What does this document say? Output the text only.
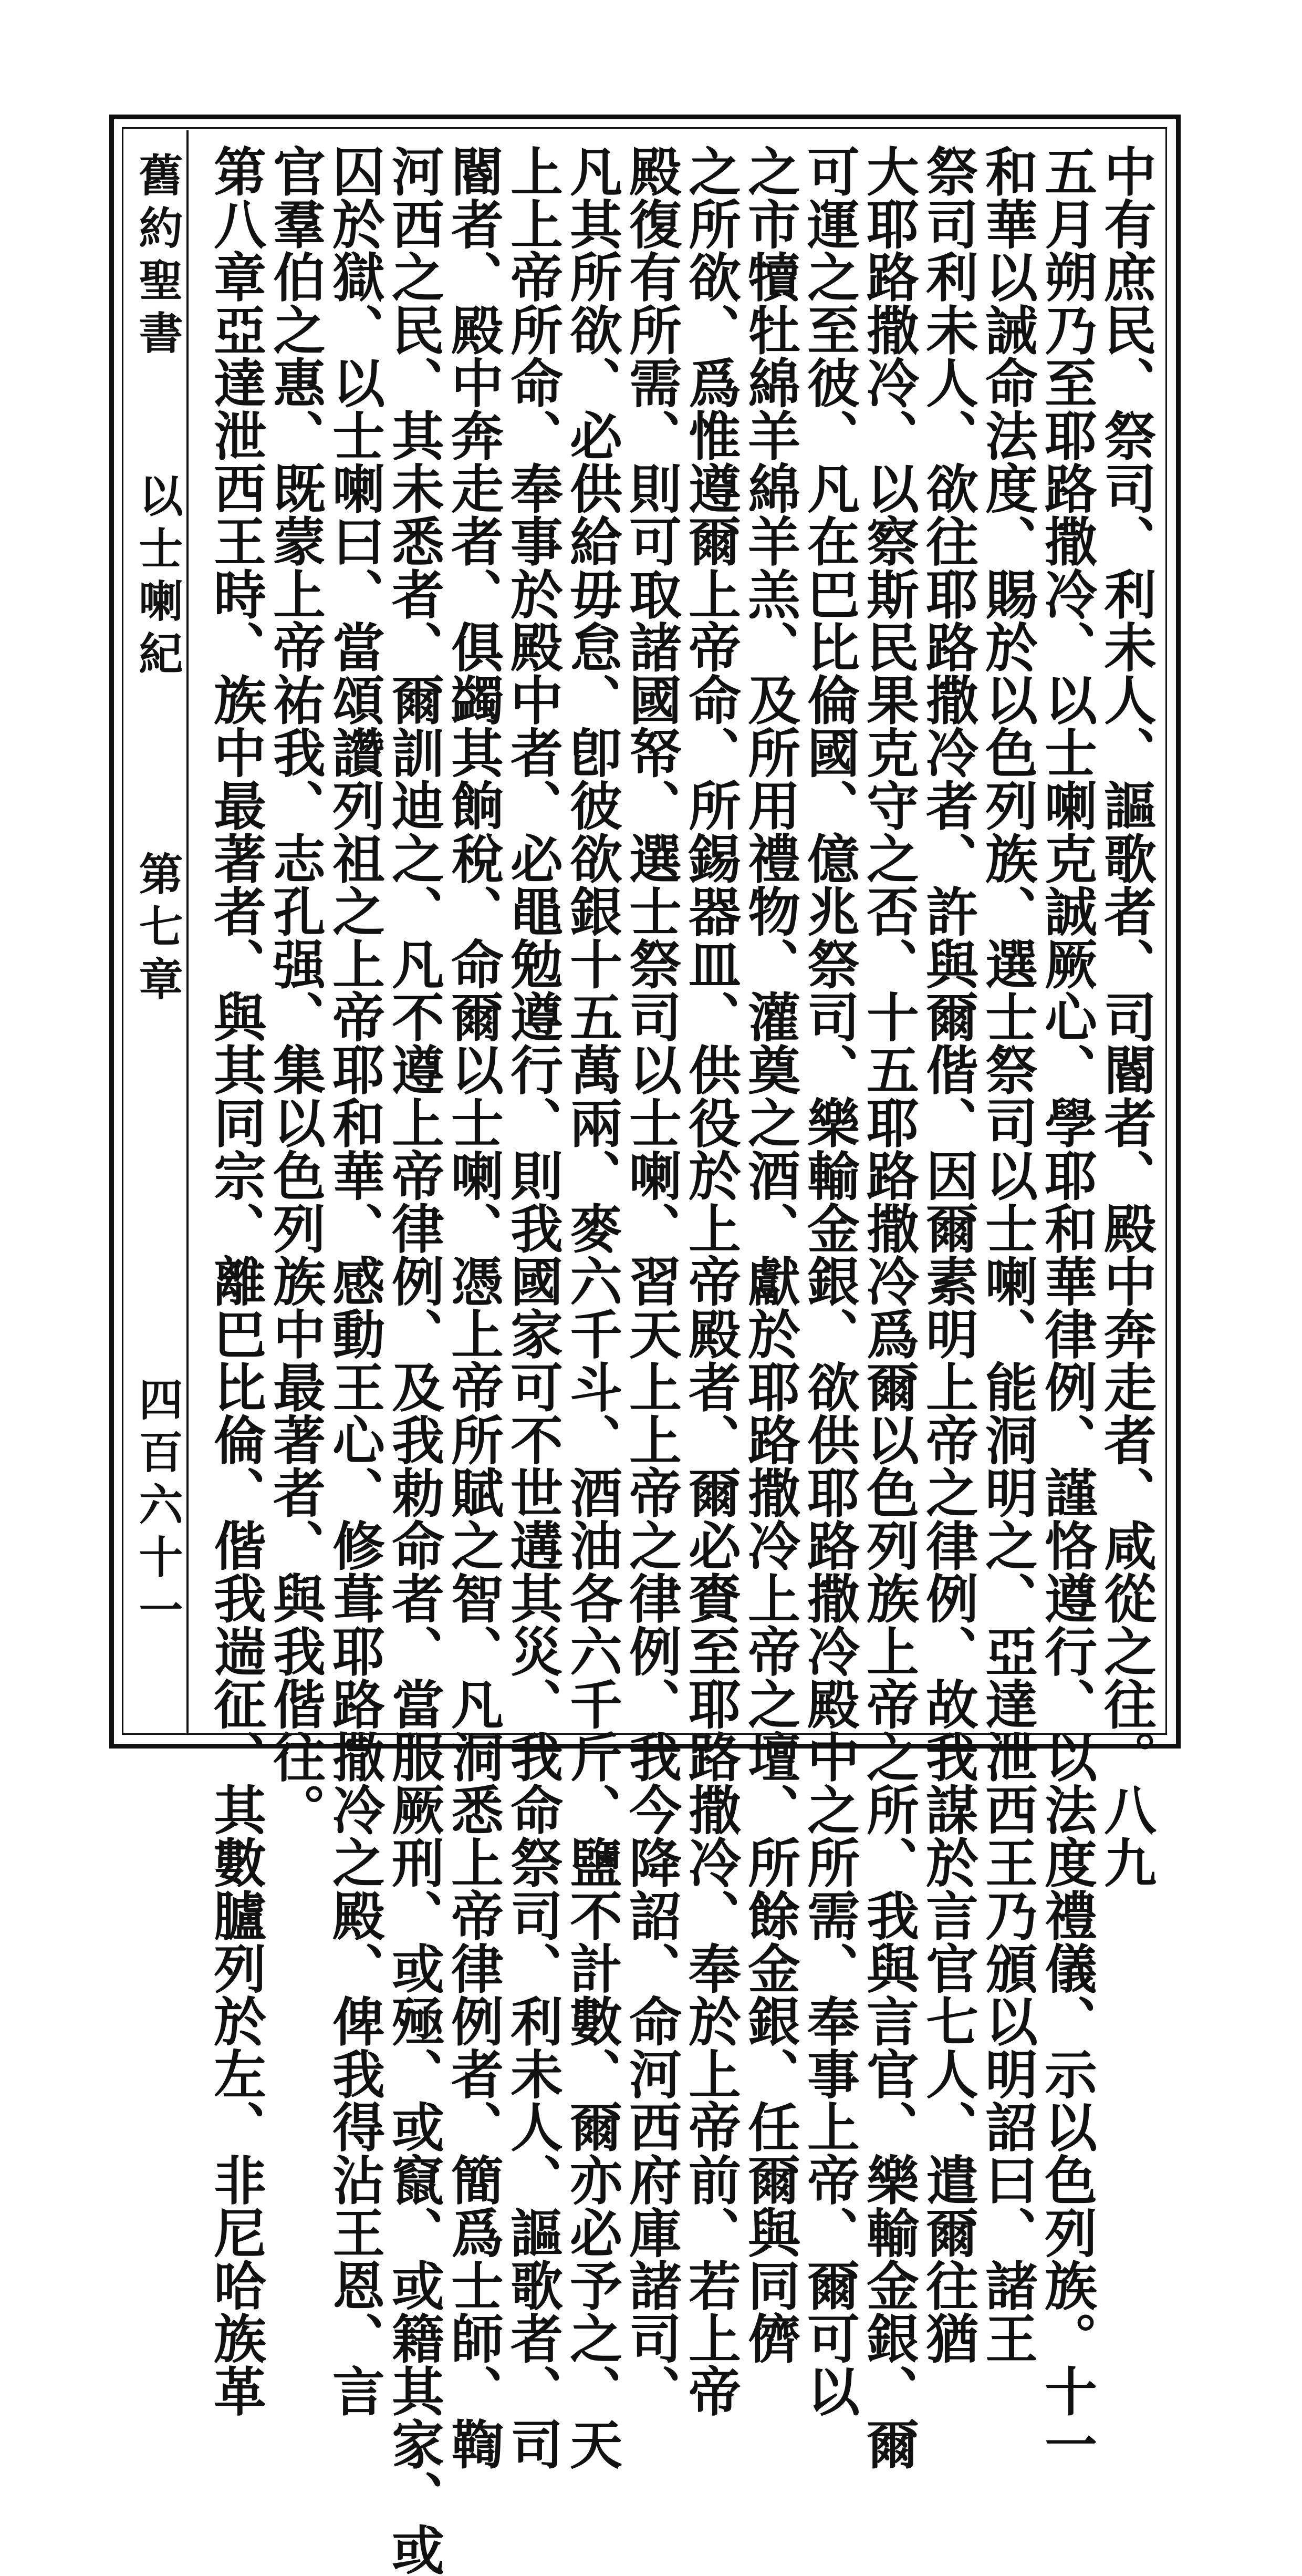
舊約聖書
以士喇紀
第七章
四百六十一	中有庶民、祭司、利未人、謳歌者、司閽者、殿中奔走者、咸從之往。八九

五月朔乃至耶路撒冷、以士喇克誠厥心、學耶和華律例、謹恪遵行、以法度禮儀、示以色列族。十一

和華以誡命法度、賜於以色列族、選士祭司以士喇、能洞明之、亞達泄西王乃頒以明詔曰、諸王

祭司利未人、欲往耶路撒冷者、許與爾偕、因爾素明上帝之律例、故我謀於言官七人、遣爾往猶

大耶路撒冷、以察斯民果克守之否、十五耶路撒冷爲爾以色列族上帝之所、我與言官、樂輸金銀、爾

可運之至彼、凡在巴比倫國、億兆祭司、樂輸金銀、欲供耶路撒冷殿中之所需、奉事上帝、爾可以

之市犢牡綿羊綿羊羔、及所用禮物、灌奠之酒、獻於耶路撒冷上帝之壇、所餘金銀、任爾與同儕

之所欲、爲惟遵爾上帝命、所錫器皿、供役於上帝殿者、爾必賚至耶路撒冷、奉於上帝前、若上帝

殿復有所需、則可取諸國帑、選士祭司以士喇、習天上上帝之律例、我今降詔、命河西府庫諸司、

凡其所欲、必供給毋怠、卽彼欲銀十五萬兩、麥六千斗、酒油各六千斤、鹽不計數、爾亦必予之、天

上上帝所命、奉事於殿中者、必黽勉遵行、則我國家可不世遘其災、我命祭司、利未人、謳歌者、司

閽者、殿中奔走者、俱蠲其餉稅、命爾以士喇、憑上帝所賦之智、凡洞悉上帝律例者、簡爲士師、鞫

河西之民、其未悉者、爾訓迪之、凡不遵上帝律例、及我勅命者、當服厥刑、或殛、或竄、或籍其家、或

囚於獄、以士喇曰、當頌讚列祖之上帝耶和華、感動王心、修葺耶路撒冷之殿、俾我得沾王恩、言

官羣伯之惠、既蒙上帝祐我、志孔强、集以色列族中最著者、與我偕往。

第八章亞達泄西王時、族中最著者、與其同宗、離巴比倫、偕我遄征、其數臚列於左、非尼哈族革
